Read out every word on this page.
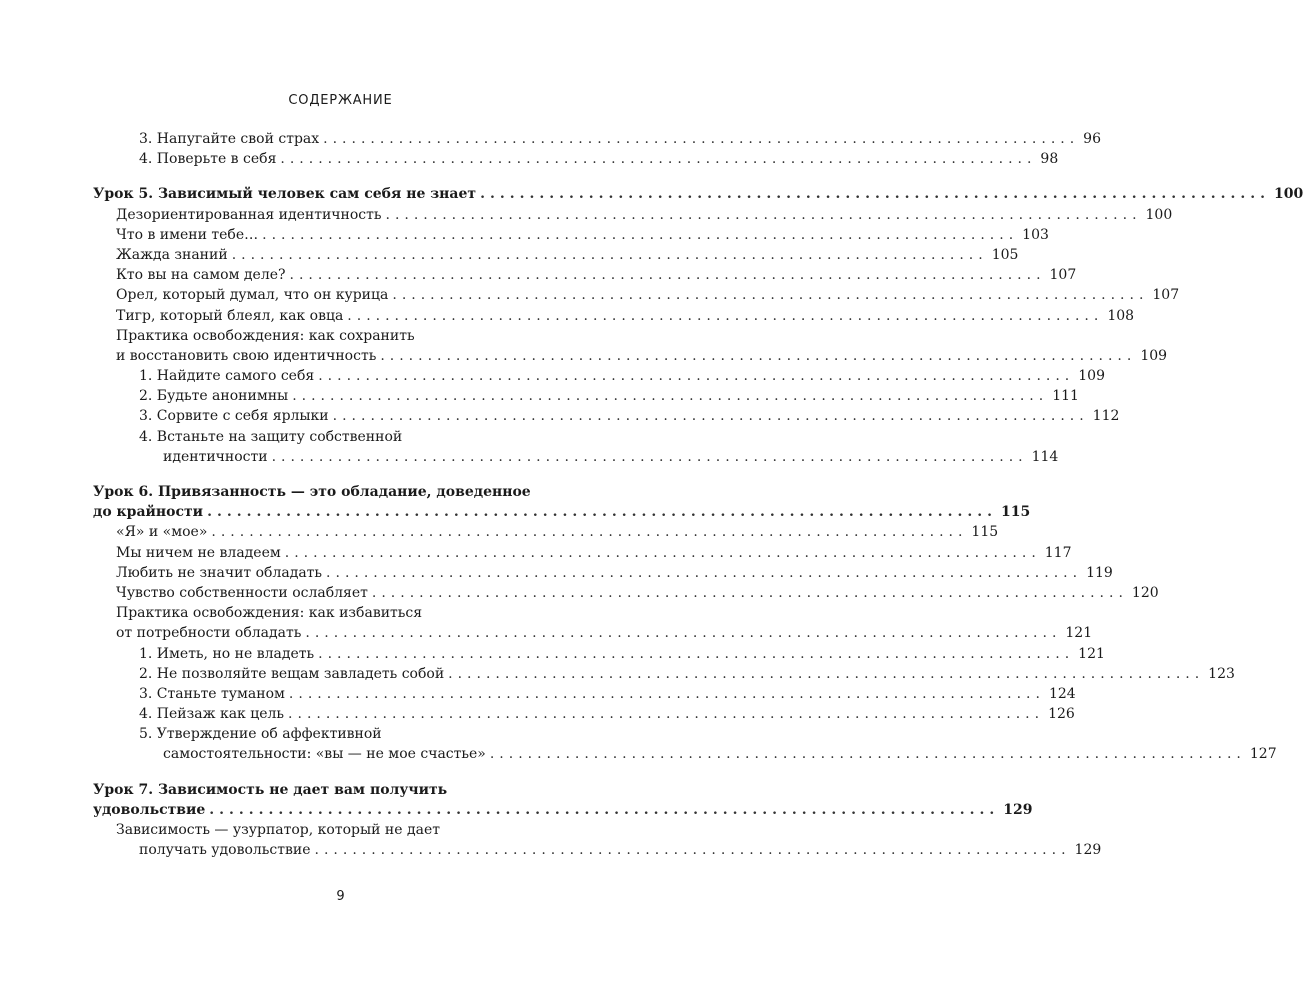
СОДЕРЖАНИЕ
3. Напугайте свой страх ................................................................................ 96
4. Поверьте в себя ................................................................................ 98
Урок 5. Зависимый человек сам себя не знает ................................................................................ 100
Дезориентированная идентичность ................................................................................ 100
Что в имени тебе… ................................................................................ 103
Жажда знаний ................................................................................ 105
Кто вы на самом деле? ................................................................................ 107
Орел, который думал, что он курица ................................................................................ 107
Тигр, который блеял, как овца ................................................................................ 108
Практика освобождения: как сохранить
и восстановить свою идентичность ................................................................................ 109
1. Найдите самого себя ................................................................................ 109
2. Будьте анонимны ................................................................................ 111
3. Сорвите с себя ярлыки ................................................................................ 112
4. Встаньте на защиту собственной
идентичности ................................................................................ 114
Урок 6. Привязанность — это обладание, доведенное
до крайности ................................................................................ 115
«Я» и «мое» ................................................................................ 115
Мы ничем не владеем ................................................................................ 117
Любить не значит обладать ................................................................................ 119
Чувство собственности ослабляет ................................................................................ 120
Практика освобождения: как избавиться
от потребности обладать ................................................................................ 121
1. Иметь, но не владеть ................................................................................ 121
2. Не позволяйте вещам завладеть собой ................................................................................ 123
3. Станьте туманом ................................................................................ 124
4. Пейзаж как цель ................................................................................ 126
5. Утверждение об аффективной
самостоятельности: «вы — не мое счастье» ................................................................................ 127
Урок 7. Зависимость не дает вам получить
удовольствие ................................................................................ 129
Зависимость — узурпатор, который не дает
получать удовольствие ................................................................................ 129
9
